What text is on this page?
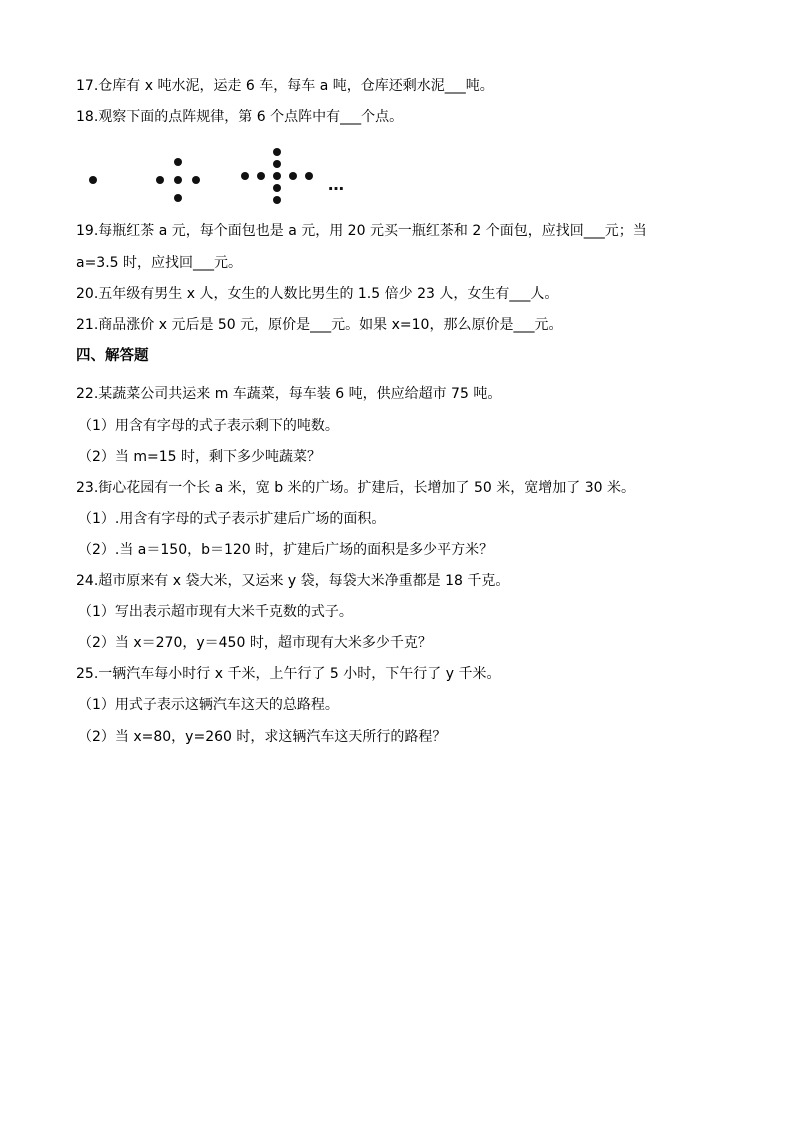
17.仓库有 x 吨水泥，运走 6 车，每车 a 吨，仓库还剩水泥___吨。

18.观察下面的点阵规律，第 6 个点阵中有___个点。

…

19.每瓶红茶 a 元，每个面包也是 a 元，用 20 元买一瓶红茶和 2 个面包，应找回___元；当

a=3.5 时，应找回___元。

20.五年级有男生 x 人，女生的人数比男生的 1.5 倍少 23 人，女生有___人。

21.商品涨价 x 元后是 50 元，原价是___元。如果 x=10，那么原价是___元。

四、解答题

22.某蔬菜公司共运来 m 车蔬菜，每车装 6 吨，供应给超市 75 吨。

（1）用含有字母的式子表示剩下的吨数。

（2）当 m=15 时，剩下多少吨蔬菜？

23.街心花园有一个长 a 米，宽 b 米的广场。扩建后，长增加了 50 米，宽增加了 30 米。

（1）.用含有字母的式子表示扩建后广场的面积。

（2）.当 a＝150，b＝120 时，扩建后广场的面积是多少平方米？

24.超市原来有 x 袋大米，又运来 y 袋，每袋大米净重都是 18 千克。

（1）写出表示超市现有大米千克数的式子。

（2）当 x＝270，y＝450 时，超市现有大米多少千克？

25.一辆汽车每小时行 x 千米，上午行了 5 小时，下午行了 y 千米。

（1）用式子表示这辆汽车这天的总路程。

（2）当 x=80，y=260 时，求这辆汽车这天所行的路程？
